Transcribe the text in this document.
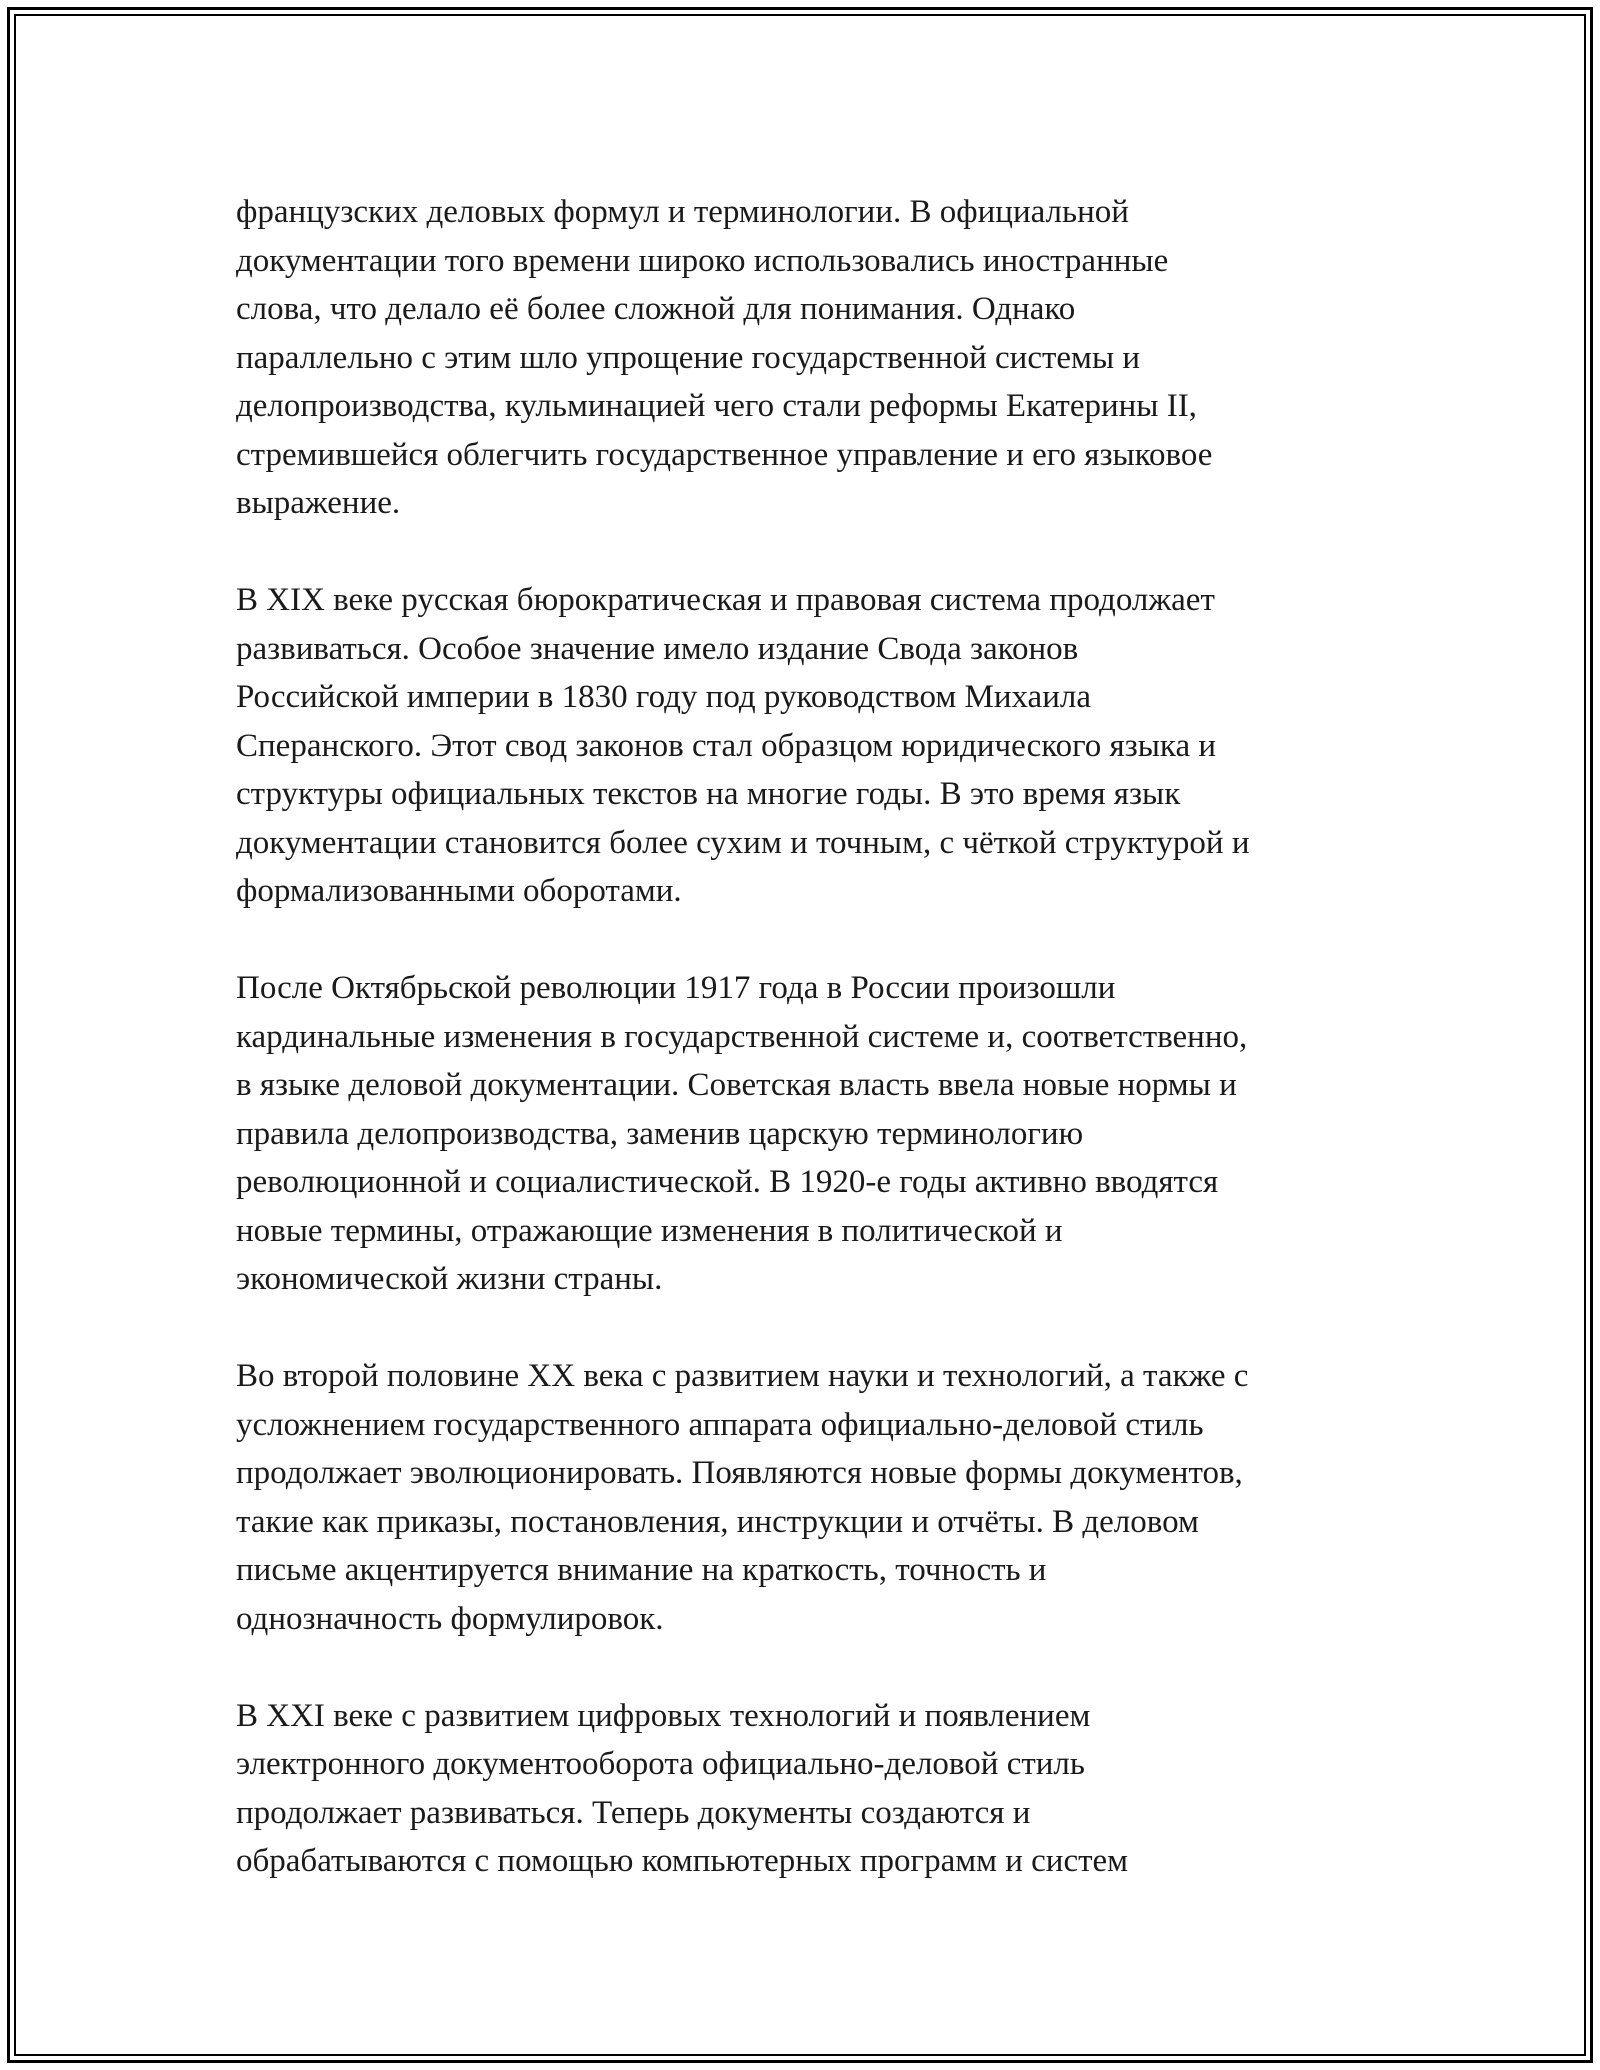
французских деловых формул и терминологии. В официальной
документации того времени широко использовались иностранные
слова, что делало её более сложной для понимания. Однако
параллельно с этим шло упрощение государственной системы и
делопроизводства, кульминацией чего стали реформы Екатерины II,
стремившейся облегчить государственное управление и его языковое
выражение.

В XIX веке русская бюрократическая и правовая система продолжает
развиваться. Особое значение имело издание Свода законов
Российской империи в 1830 году под руководством Михаила
Сперанского. Этот свод законов стал образцом юридического языка и
структуры официальных текстов на многие годы. В это время язык
документации становится более сухим и точным, с чёткой структурой и
формализованными оборотами.

После Октябрьской революции 1917 года в России произошли
кардинальные изменения в государственной системе и, соответственно,
в языке деловой документации. Советская власть ввела новые нормы и
правила делопроизводства, заменив царскую терминологию
революционной и социалистической. В 1920-е годы активно вводятся
новые термины, отражающие изменения в политической и
экономической жизни страны.

Во второй половине XX века с развитием науки и технологий, а также с
усложнением государственного аппарата официально-деловой стиль
продолжает эволюционировать. Появляются новые формы документов,
такие как приказы, постановления, инструкции и отчёты. В деловом
письме акцентируется внимание на краткость, точность и
однозначность формулировок.

В XXI веке с развитием цифровых технологий и появлением
электронного документооборота официально-деловой стиль
продолжает развиваться. Теперь документы создаются и
обрабатываются с помощью компьютерных программ и систем
